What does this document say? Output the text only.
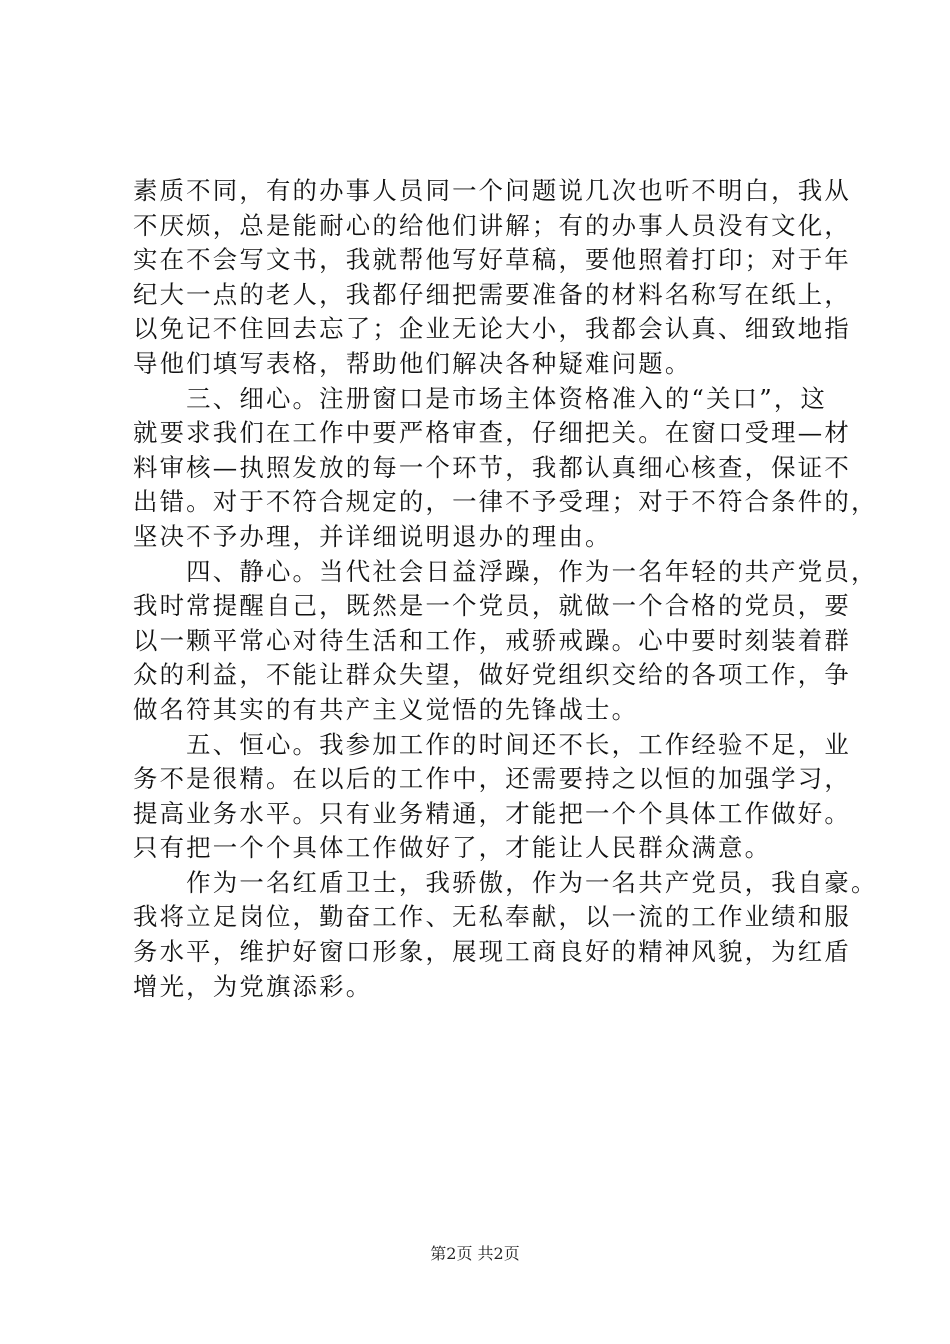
素质不同，有的办事人员同一个问题说几次也听不明白，我从
不厌烦，总是能耐心的给他们讲解；有的办事人员没有文化，
实在不会写文书，我就帮他写好草稿，要他照着打印；对于年
纪大一点的老人，我都仔细把需要准备的材料名称写在纸上，
以免记不住回去忘了；企业无论大小，我都会认真、细致地指
导他们填写表格，帮助他们解决各种疑难问题。
　　三、细心。注册窗口是市场主体资格准入的“关口”，这
就要求我们在工作中要严格审查，仔细把关。在窗口受理—材
料审核—执照发放的每一个环节，我都认真细心核查，保证不
出错。对于不符合规定的，一律不予受理；对于不符合条件的，
坚决不予办理，并详细说明退办的理由。
　　四、静心。当代社会日益浮躁，作为一名年轻的共产党员，
我时常提醒自己，既然是一个党员，就做一个合格的党员，要
以一颗平常心对待生活和工作，戒骄戒躁。心中要时刻装着群
众的利益，不能让群众失望，做好党组织交给的各项工作，争
做名符其实的有共产主义觉悟的先锋战士。
　　五、恒心。我参加工作的时间还不长，工作经验不足，业
务不是很精。在以后的工作中，还需要持之以恒的加强学习，
提高业务水平。只有业务精通，才能把一个个具体工作做好。
只有把一个个具体工作做好了，才能让人民群众满意。
　　作为一名红盾卫士，我骄傲，作为一名共产党员，我自豪。
我将立足岗位，勤奋工作、无私奉献，以一流的工作业绩和服
务水平，维护好窗口形象，展现工商良好的精神风貌，为红盾
增光，为党旗添彩。
第2页 共2页
